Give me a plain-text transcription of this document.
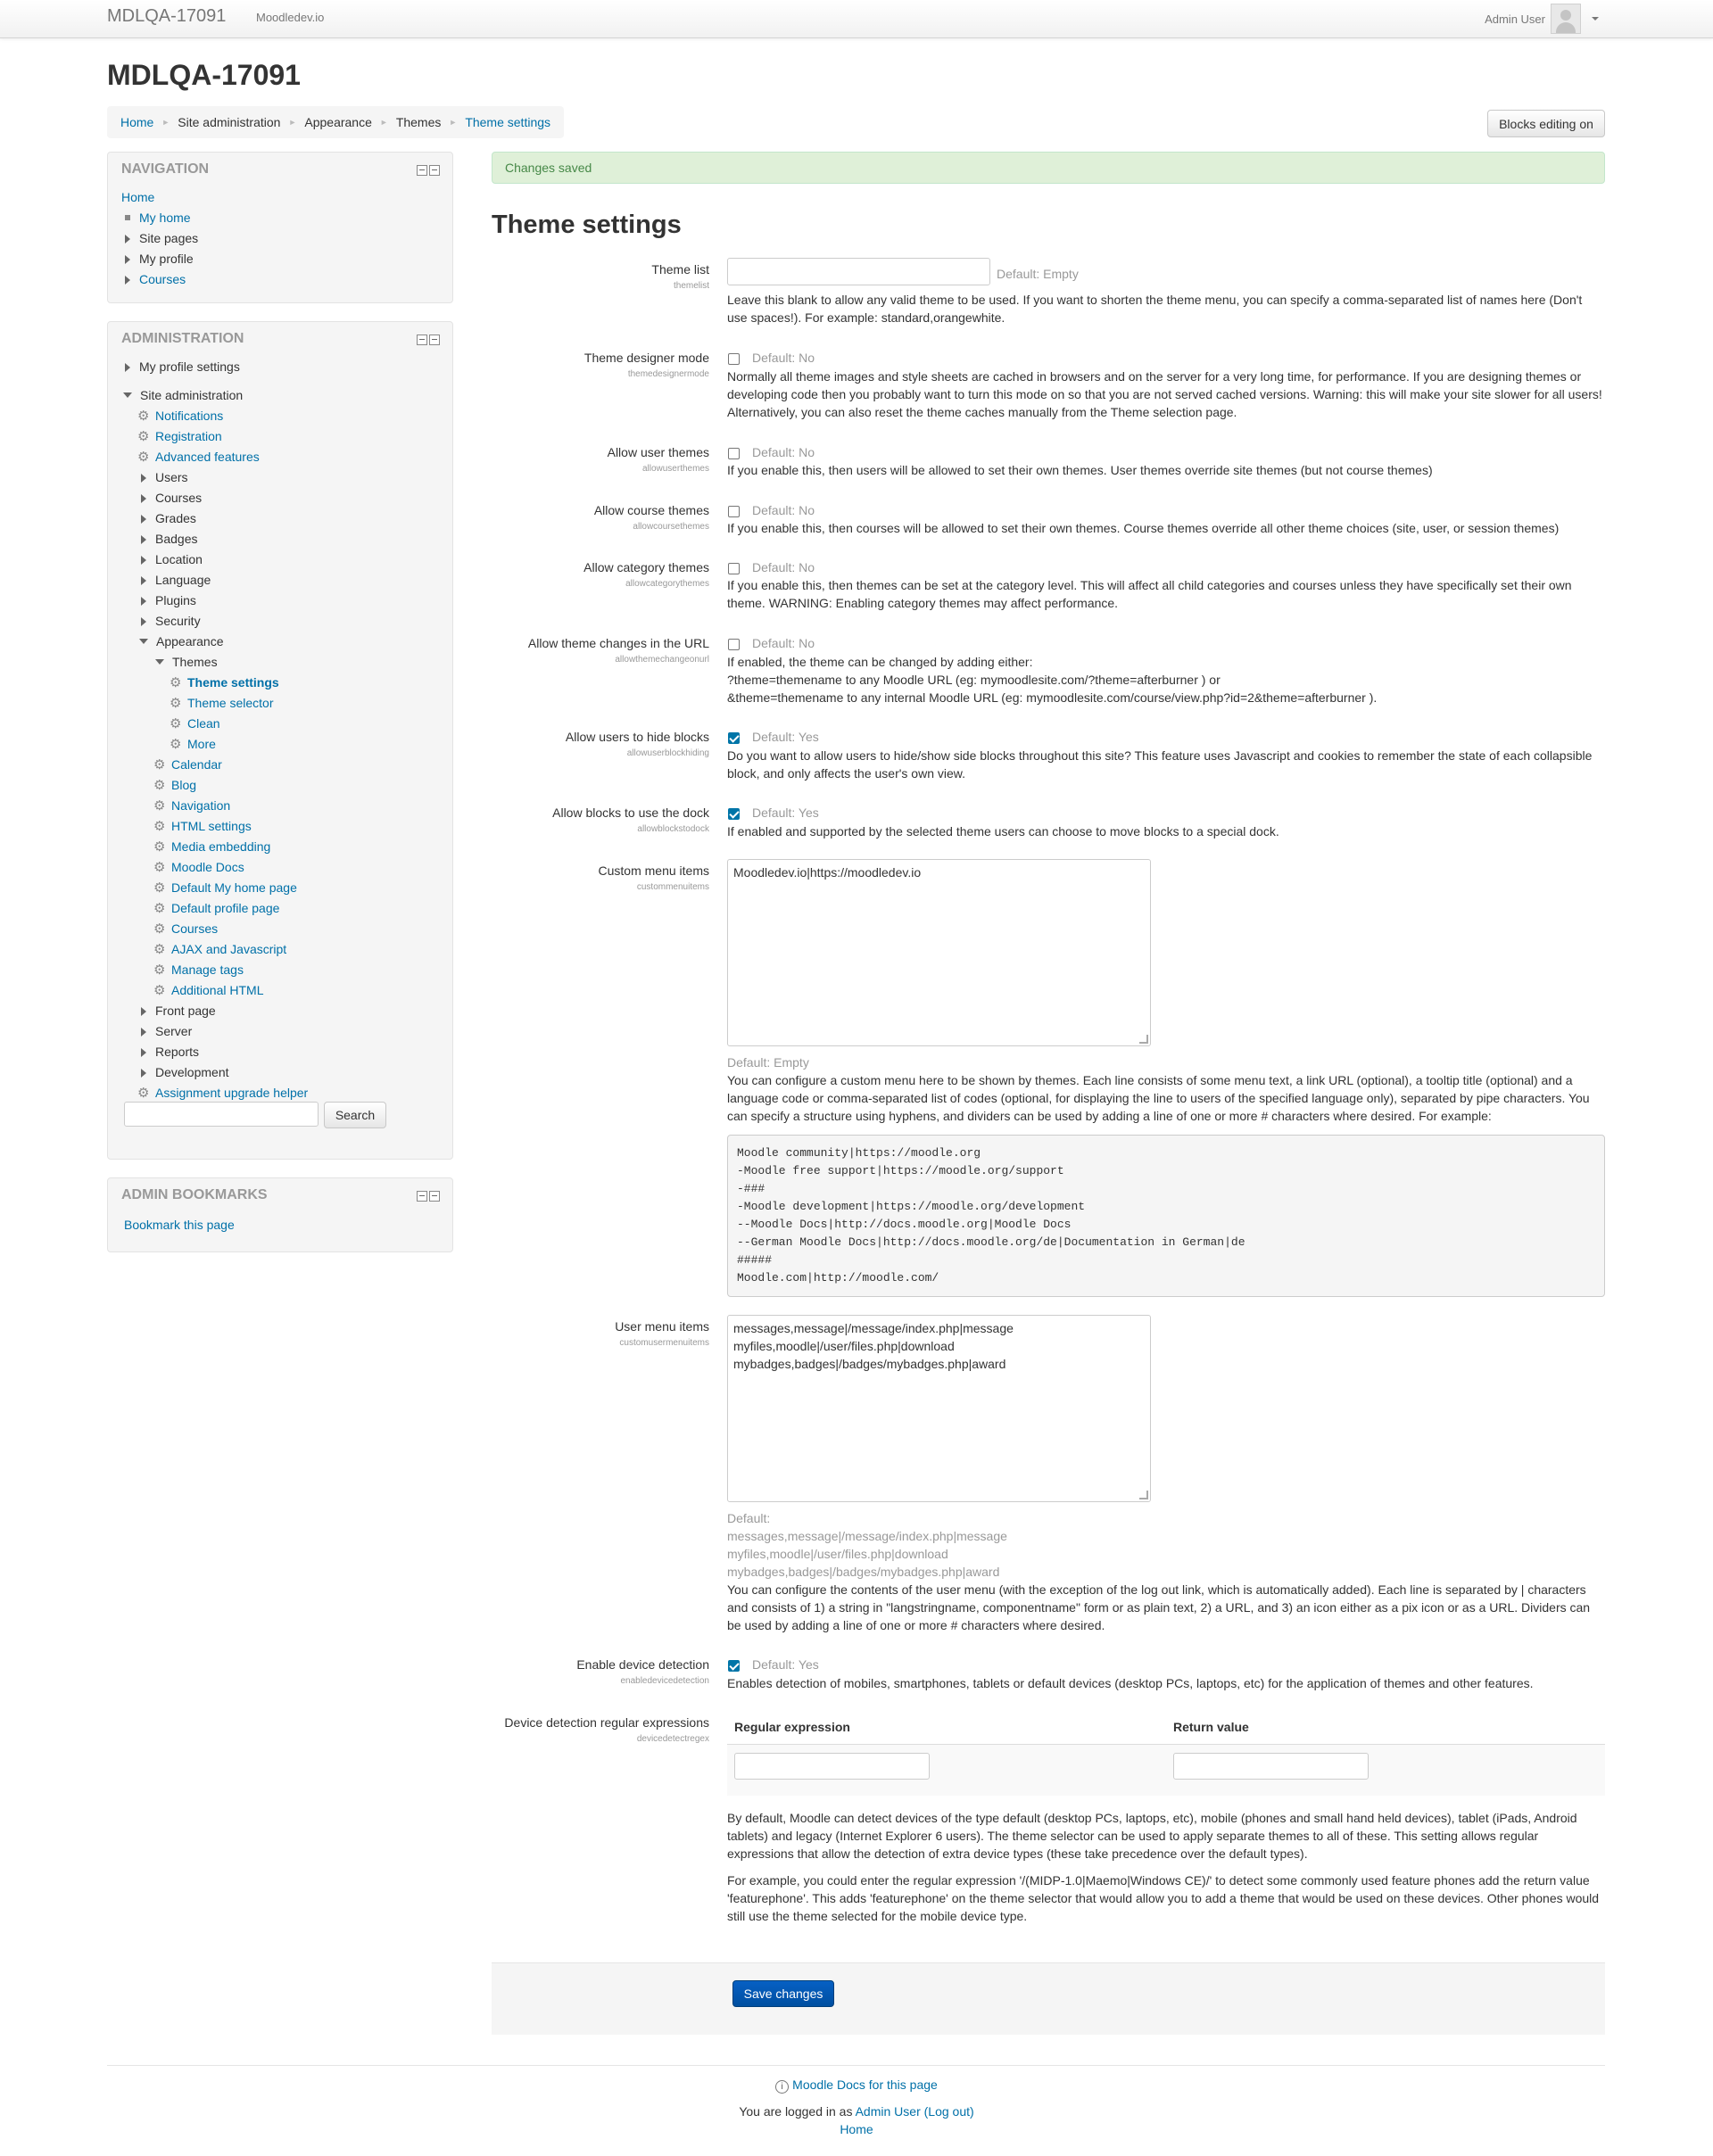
MDLQA-17091	Moodledev.io	Admin User
MDLQA-17091
Home ► Site administration ► Appearance ► Themes ► Theme settings	Blocks editing on
NAVIGATION
Home
My home
Site pages
My profile
Courses
ADMINISTRATION
My profile settings
Site administration
⚙ Notifications
⚙ Registration
⚙ Advanced features
Users
Courses
Grades
Badges
Location
Language
Plugins
Security
Appearance
Themes
⚙ Theme settings
⚙ Theme selector
⚙ Clean
⚙ More
⚙ Calendar
⚙ Blog
⚙ Navigation
⚙ HTML settings
⚙ Media embedding
⚙ Moodle Docs
⚙ Default My home page
⚙ Default profile page
⚙ Courses
⚙ AJAX and Javascript
⚙ Manage tags
⚙ Additional HTML
Front page
Server
Reports
Development
⚙ Assignment upgrade helper
Search
ADMIN BOOKMARKS
Bookmark this page
Changes saved
Theme settings
Theme list
themelist
Default: Empty
Leave this blank to allow any valid theme to be used. If you want to shorten the theme menu, you can specify a comma-separated list of names here (Don't use spaces!). For example: standard,orangewhite.
Theme designer mode
themedesignermode
Default: No
Normally all theme images and style sheets are cached in browsers and on the server for a very long time, for performance. If you are designing themes or developing code then you probably want to turn this mode on so that you are not served cached versions. Warning: this will make your site slower for all users! Alternatively, you can also reset the theme caches manually from the Theme selection page.
Allow user themes
allowuserthemes
Default: No
If you enable this, then users will be allowed to set their own themes. User themes override site themes (but not course themes)
Allow course themes
allowcoursethemes
Default: No
If you enable this, then courses will be allowed to set their own themes. Course themes override all other theme choices (site, user, or session themes)
Allow category themes
allowcategorythemes
Default: No
If you enable this, then themes can be set at the category level. This will affect all child categories and courses unless they have specifically set their own theme. WARNING: Enabling category themes may affect performance.
Allow theme changes in the URL
allowthemechangeonurl
Default: No
If enabled, the theme can be changed by adding either:
?theme=themename to any Moodle URL (eg: mymoodlesite.com/?theme=afterburner ) or
&theme=themename to any internal Moodle URL (eg: mymoodlesite.com/course/view.php?id=2&theme=afterburner ).
Allow users to hide blocks
allowuserblockhiding
Default: Yes
Do you want to allow users to hide/show side blocks throughout this site? This feature uses Javascript and cookies to remember the state of each collapsible block, and only affects the user's own view.
Allow blocks to use the dock
allowblockstodock
Default: Yes
If enabled and supported by the selected theme users can choose to move blocks to a special dock.
Custom menu items
custommenuitems
Moodledev.io|https://moodledev.io
Default: Empty
You can configure a custom menu here to be shown by themes. Each line consists of some menu text, a link URL (optional), a tooltip title (optional) and a language code or comma-separated list of codes (optional, for displaying the line to users of the specified language only), separated by pipe characters. You can specify a structure using hyphens, and dividers can be used by adding a line of one or more # characters where desired. For example:
Moodle community|https://moodle.org
-Moodle free support|https://moodle.org/support
-###
-Moodle development|https://moodle.org/development
--Moodle Docs|http://docs.moodle.org|Moodle Docs
--German Moodle Docs|http://docs.moodle.org/de|Documentation in German|de
#####
Moodle.com|http://moodle.com/
User menu items
customusermenuitems
messages,message|/message/index.php|message
myfiles,moodle|/user/files.php|download
mybadges,badges|/badges/mybadges.php|award
Default:
messages,message|/message/index.php|message
myfiles,moodle|/user/files.php|download
mybadges,badges|/badges/mybadges.php|award
You can configure the contents of the user menu (with the exception of the log out link, which is automatically added). Each line is separated by | characters and consists of 1) a string in "langstringname, componentname" form or as plain text, 2) a URL, and 3) an icon either as a pix icon or as a URL. Dividers can be used by adding a line of one or more # characters where desired.
Enable device detection
enabledevicedetection
Default: Yes
Enables detection of mobiles, smartphones, tablets or default devices (desktop PCs, laptops, etc) for the application of themes and other features.
Device detection regular expressions
devicedetectregex
Regular expression	Return value
By default, Moodle can detect devices of the type default (desktop PCs, laptops, etc), mobile (phones and small hand held devices), tablet (iPads, Android tablets) and legacy (Internet Explorer 6 users). The theme selector can be used to apply separate themes to all of these. This setting allows regular expressions that allow the detection of extra device types (these take precedence over the default types).
For example, you could enter the regular expression '/(MIDP-1.0|Maemo|Windows CE)/' to detect some commonly used feature phones add the return value 'featurephone'. This adds 'featurephone' on the theme selector that would allow you to add a theme that would be used on these devices. Other phones would still use the theme selected for the mobile device type.
Save changes
i Moodle Docs for this page
You are logged in as Admin User (Log out)
Home
